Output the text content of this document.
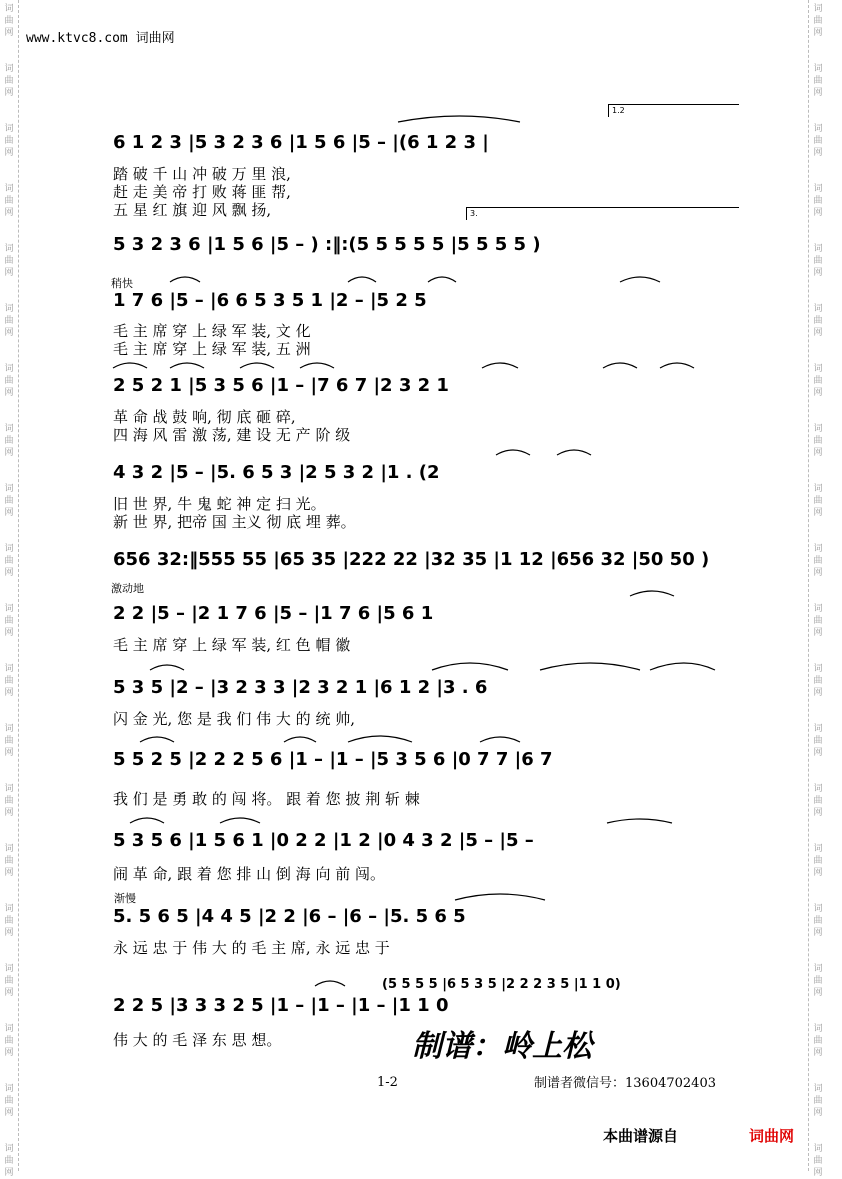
词
曲
网
词
曲
网
词
曲
网
词
曲
网
词
曲
网
词
曲
网
词
曲
网
词
曲
网
词
曲
网
词
曲
网
词
曲
网
词
曲
网
词
曲
网
词
曲
网
词
曲
网
词
曲
网
词
曲
网
词
曲
网
词
曲
网
词
曲
网
词
曲
网
词
曲
网
词
曲
网
词
曲
网
词
曲
网
词
曲
网
词
曲
网
词
曲
网
词
曲
网
词
曲
网
词
曲
网
词
曲
网
词
曲
网
词
曲
网
词
曲
网
词
曲
网
词
曲
网
词
曲
网
词
曲
网
词
曲
网
www.ktvc8.com 词曲网
1.2
3.
稍快
激动地
渐慢
6 1 2 3 |5 3 2 3 6 |1 5 6 |5 – |(6 1 2 3 |
踏 破 千 山 冲 破 万 里 浪,
赶 走 美 帝 打 败 蒋 匪 帮,
五 星 红 旗 迎 风 飘 扬,
5 3 2 3 6 |1 5 6 |5 – ) :‖:(5 5 5 5 5 |5 5 5 5 )
1 7 6 |5 – |6 6 5 3 5 1 |2 – |5 2 5
毛 主 席 穿 上 绿 军 装, 文 化
毛 主 席 穿 上 绿 军 装, 五 洲
2 5 2 1 |5 3 5 6 |1 – |7 6 7 |2 3 2 1
革 命 战 鼓 响, 彻 底 砸 碎,
四 海 风 雷 激 荡, 建 设 无 产 阶 级
4 3 2 |5 – |5. 6 5 3 |2 5 3 2 |1 . (2
旧 世 界, 牛 鬼 蛇 神 定 扫 光。
新 世 界, 把帝 国 主义 彻 底 埋 葬。
656 32:‖555 55 |65 35 |222 22 |32 35 |1 12 |656 32 |50 50 )
2 2 |5 – |2 1 7 6 |5 – |1 7 6 |5 6 1
毛 主 席 穿 上 绿 军 装, 红 色 帽 徽
5 3 5 |2 – |3 2 3 3 |2 3 2 1 |6 1 2 |3 . 6
闪 金 光, 您 是 我 们 伟 大 的 统 帅,
5 5 2 5 |2 2 2 5 6 |1 – |1 – |5 3 5 6 |0 7 7 |6 7
我 们 是 勇 敢 的 闯 将。 跟 着 您 披 荆 斩 棘
5 3 5 6 |1 5 6 1 |0 2 2 |1 2 |0 4 3 2 |5 – |5 –
闹 革 命, 跟 着 您 排 山 倒 海 向 前 闯。
5. 5 6 5 |4 4 5 |2 2 |6 – |6 – |5. 5 6 5
永 远 忠 于 伟 大 的 毛 主 席, 永 远 忠 于
(5 5 5 5 |6 5 3 5 |2 2 2 3 5 |1 1 0)
2 2 5 |3 3 3 2 5 |1 – |1 – |1 – |1 1 0
伟 大 的 毛 泽 东 思 想。	制谱：岭上松
1-2	制谱者微信号：13604702403
本曲谱源自	词曲网
